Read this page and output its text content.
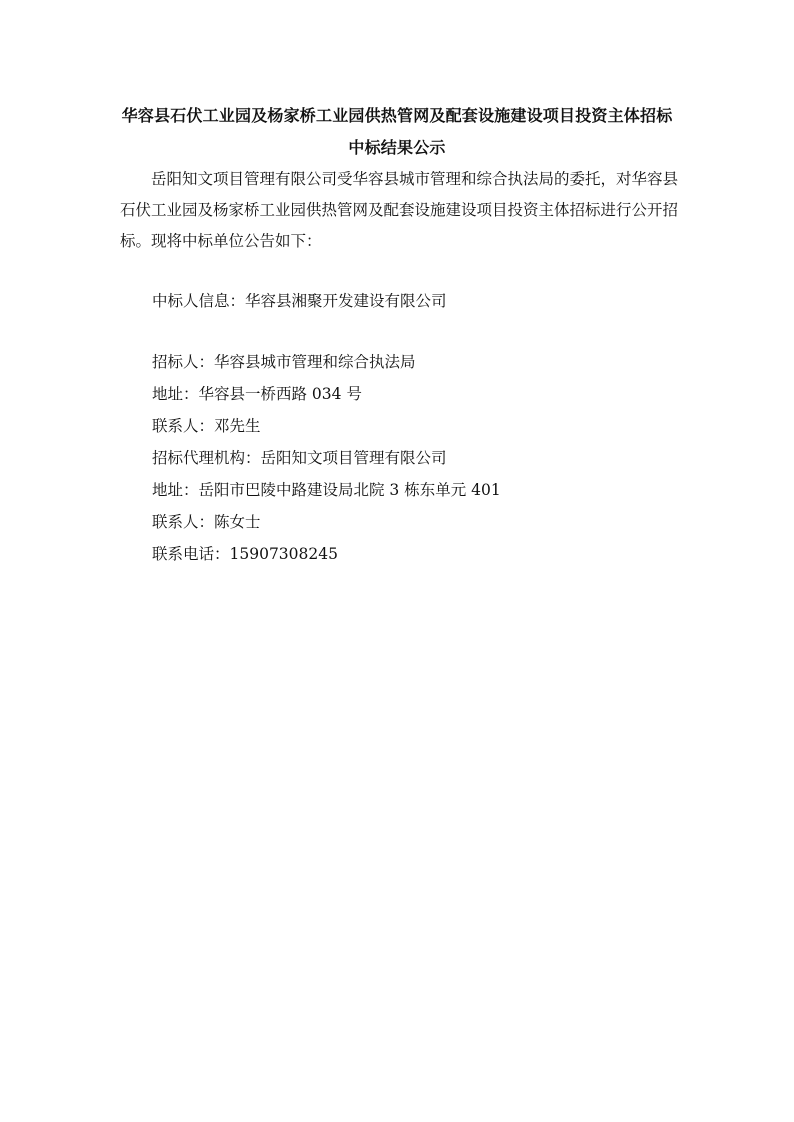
华容县石伏工业园及杨家桥工业园供热管网及配套设施建设项目投资主体招标
中标结果公示

岳阳知文项目管理有限公司受华容县城市管理和综合执法局的委托，对华容县石伏工业园及杨家桥工业园供热管网及配套设施建设项目投资主体招标进行公开招标。现将中标单位公告如下：

中标人信息：华容县湘聚开发建设有限公司
招标人：华容县城市管理和综合执法局
地址：华容县一桥西路 034 号
联系人：邓先生
招标代理机构：岳阳知文项目管理有限公司
地址：岳阳市巴陵中路建设局北院 3 栋东单元 401
联系人：陈女士
联系电话：15907308245
